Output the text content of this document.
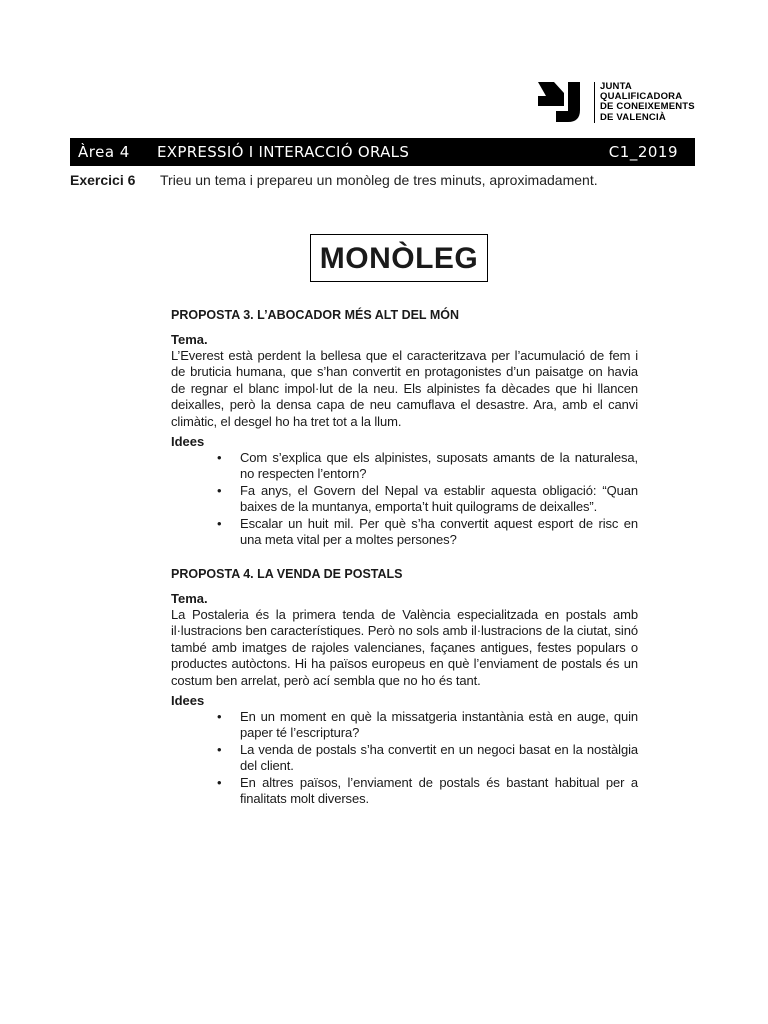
JUNTA
QUALIFICADORA
DE CONEIXEMENTS
DE VALENCIÀ
Àrea 4 EXPRESSIÓ I INTERACCIÓ ORALS	C1_2019
Exercici 6 Trieu un tema i prepareu un monòleg de tres minuts, aproximadament.
MONÒLEG

PROPOSTA 3. L’ABOCADOR MÉS ALT DEL MÓN

Tema.

L’Everest està perdent la bellesa que el caracteritzava per l’acumulació de fem i de bruticia humana, que s’han convertit en protagonistes d’un paisatge on havia de regnar el blanc impol·lut de la neu. Els alpinistes fa dècades que hi llancen deixalles, però la densa capa de neu camuflava el desastre. Ara, amb el canvi climàtic, el desgel ho ha tret tot a la llum.

Idees

• Com s’explica que els alpinistes, suposats amants de la naturalesa, no respecten l’entorn?
• Fa anys, el Govern del Nepal va establir aquesta obligació: “Quan baixes de la muntanya, emporta’t huit quilograms de deixalles”.
• Escalar un huit mil. Per què s’ha convertit aquest esport de risc en una meta vital per a moltes persones?

PROPOSTA 4. LA VENDA DE POSTALS

Tema.

La Postaleria és la primera tenda de València especialitzada en postals amb il·lustracions ben característiques. Però no sols amb il·lustracions de la ciutat, sinó també amb imatges de rajoles valencianes, façanes antigues, festes populars o productes autòctons. Hi ha països europeus en què l’enviament de postals és un costum ben arrelat, però ací sembla que no ho és tant.

Idees

• En un moment en què la missatgeria instantània està en auge, quin paper té l’escriptura?
• La venda de postals s’ha convertit en un negoci basat en la nostàlgia del client.
• En altres països, l’enviament de postals és bastant habitual per a finalitats molt diverses.
